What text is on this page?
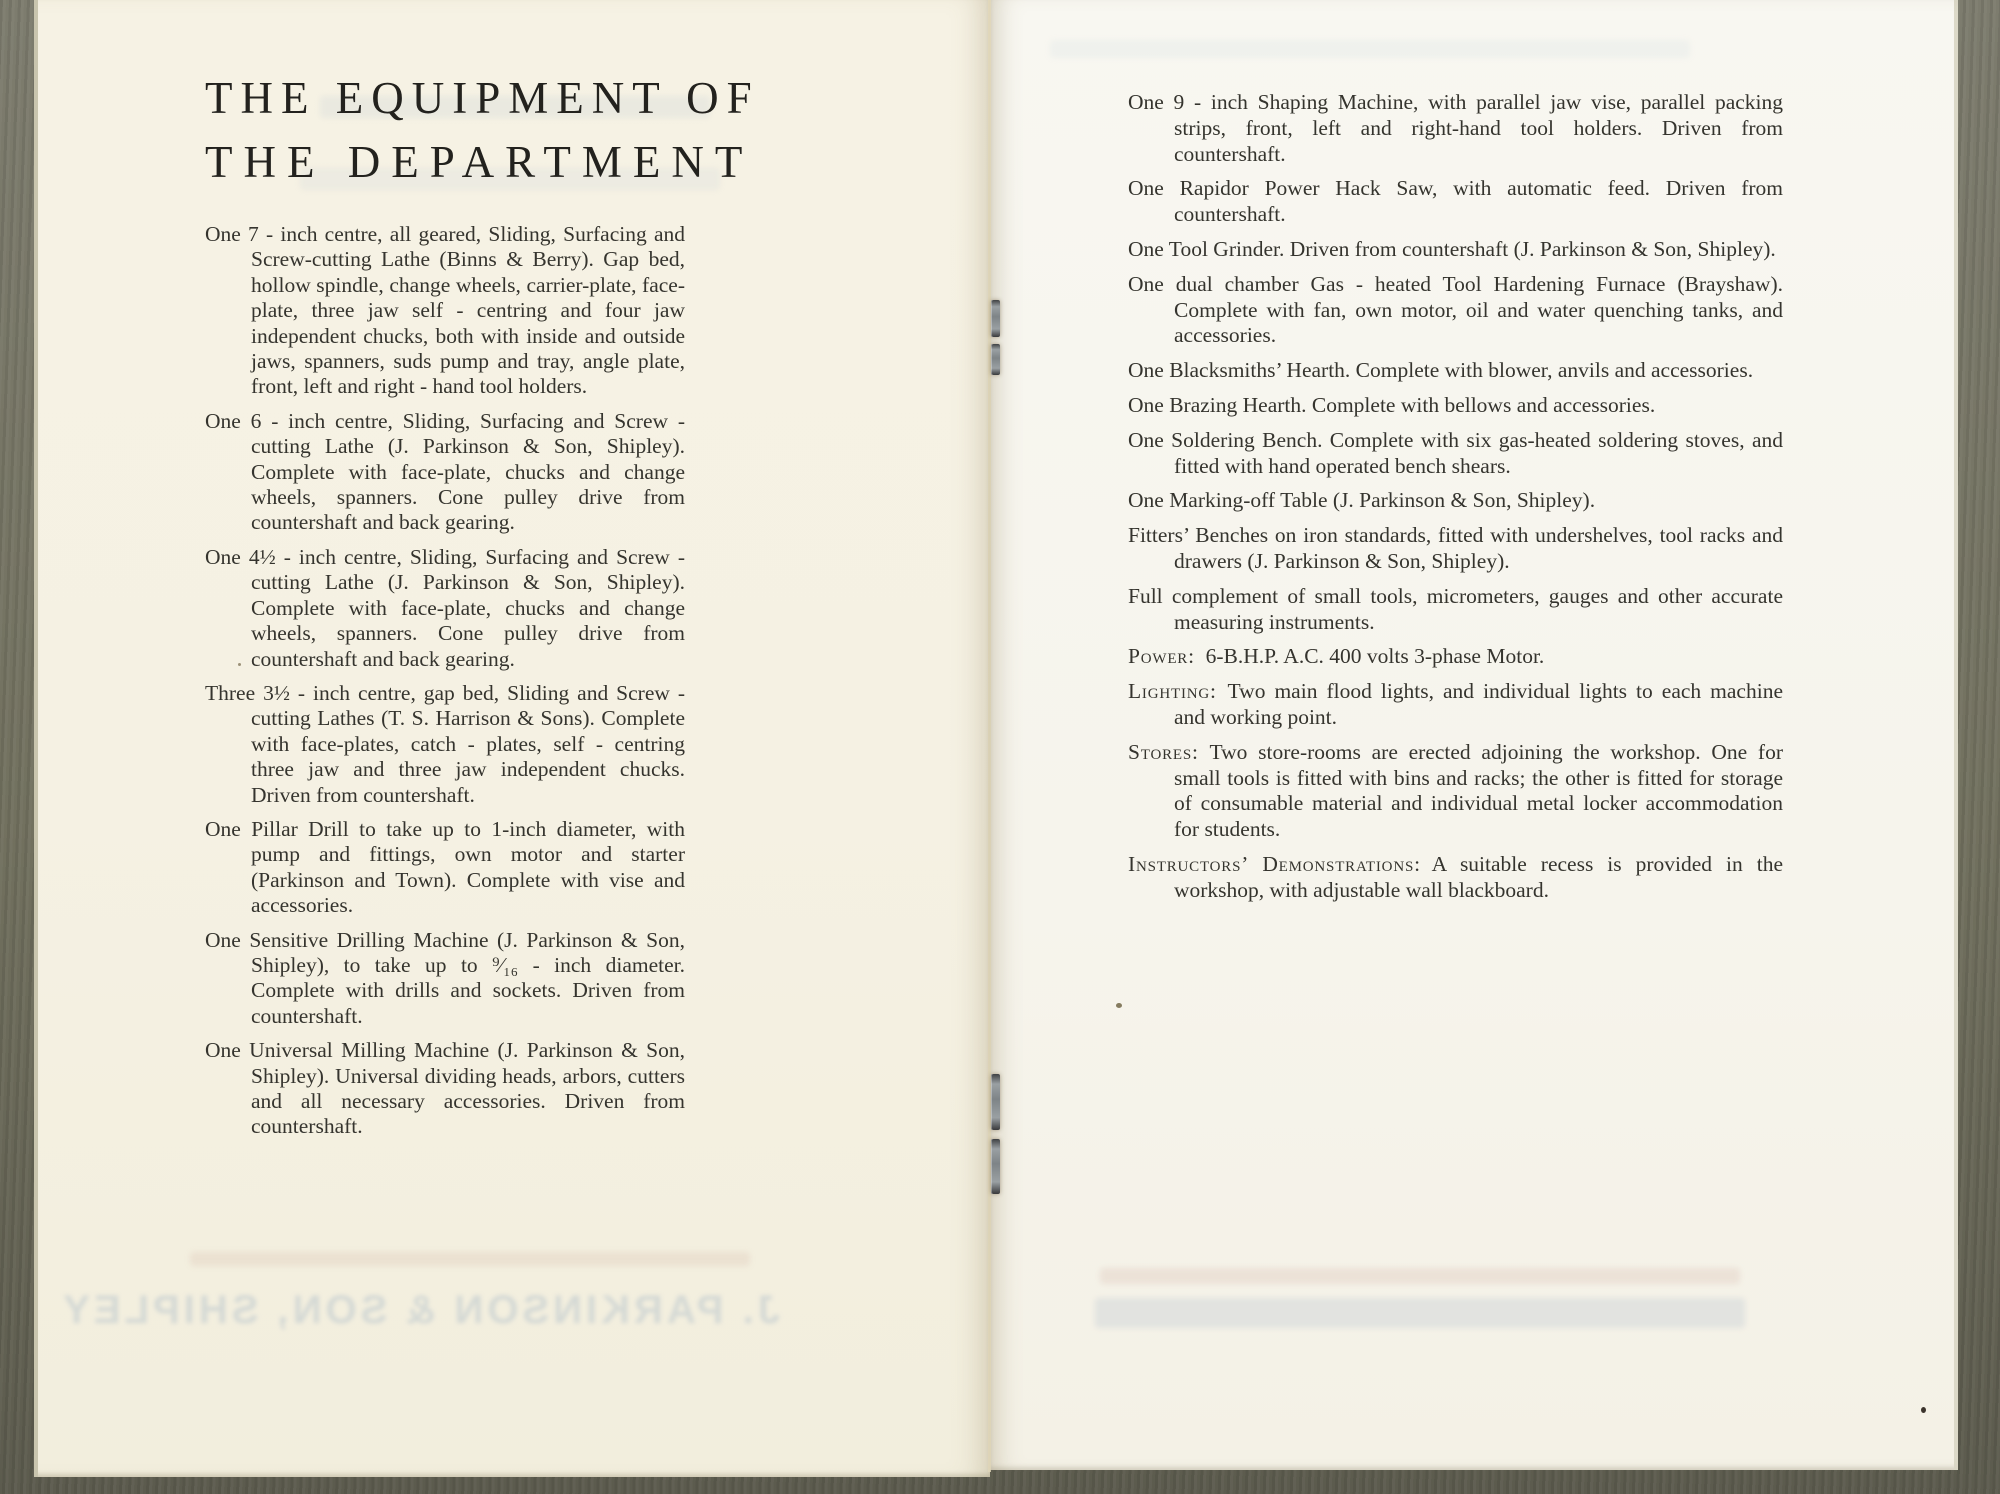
J. PARKINSON & SON, SHIPLEY
THE EQUIPMENT OF
THE DEPARTMENT

One 7 - inch centre, all geared, Sliding, Surfacing and Screw-cutting Lathe (Binns & Berry). Gap bed, hollow spindle, change wheels, carrier-plate, face-plate, three jaw self - centring and four jaw independent chucks, both with inside and outside jaws, spanners, suds pump and tray, angle plate, front, left and right - hand tool holders.

One 6 - inch centre, Sliding, Surfacing and Screw - cutting Lathe (J. Parkinson & Son, Shipley). Complete with face-plate, chucks and change wheels, spanners. Cone pulley drive from countershaft and back gearing.

One 4½ - inch centre, Sliding, Surfacing and Screw - cutting Lathe (J. Parkinson & Son, Shipley). Complete with face-plate, chucks and change wheels, spanners. Cone pulley drive from countershaft and back gearing.

Three 3½ - inch centre, gap bed, Sliding and Screw - cutting Lathes (T. S. Harrison & Sons). Complete with face-plates, catch - plates, self - centring three jaw and three jaw independent chucks. Driven from countershaft.

One Pillar Drill to take up to 1-inch diameter, with pump and fittings, own motor and starter (Parkinson and Town). Complete with vise and accessories.

One Sensitive Drilling Machine (J. Parkinson & Son, Shipley), to take up to ⁹⁄₁₆ - inch diameter. Complete with drills and sockets. Driven from countershaft.

One Universal Milling Machine (J. Parkinson & Son, Shipley). Universal dividing heads, arbors, cutters and all necessary accessories. Driven from countershaft.

One 9 - inch Shaping Machine, with parallel jaw vise, parallel packing strips, front, left and right-hand tool holders. Driven from countershaft.

One Rapidor Power Hack Saw, with automatic feed. Driven from countershaft.

One Tool Grinder. Driven from countershaft (J. Parkinson & Son, Shipley).

One dual chamber Gas - heated Tool Hardening Furnace (Brayshaw). Complete with fan, own motor, oil and water quenching tanks, and accessories.

One Blacksmiths’ Hearth. Complete with blower, anvils and accessories.

One Brazing Hearth. Complete with bellows and accessories.

One Soldering Bench. Complete with six gas-heated soldering stoves, and fitted with hand operated bench shears.

One Marking-off Table (J. Parkinson & Son, Shipley).

Fitters’ Benches on iron standards, fitted with undershelves, tool racks and drawers (J. Parkinson & Son, Shipley).

Full complement of small tools, micrometers, gauges and other accurate measuring instruments.

Power: 6-B.H.P. A.C. 400 volts 3-phase Motor.

Lighting: Two main flood lights, and individual lights to each machine and working point.

Stores: Two store-rooms are erected adjoining the workshop. One for small tools is fitted with bins and racks; the other is fitted for storage of consumable material and individual metal locker accommodation for students.

Instructors’ Demonstrations: A suitable recess is provided in the workshop, with adjustable wall blackboard.
